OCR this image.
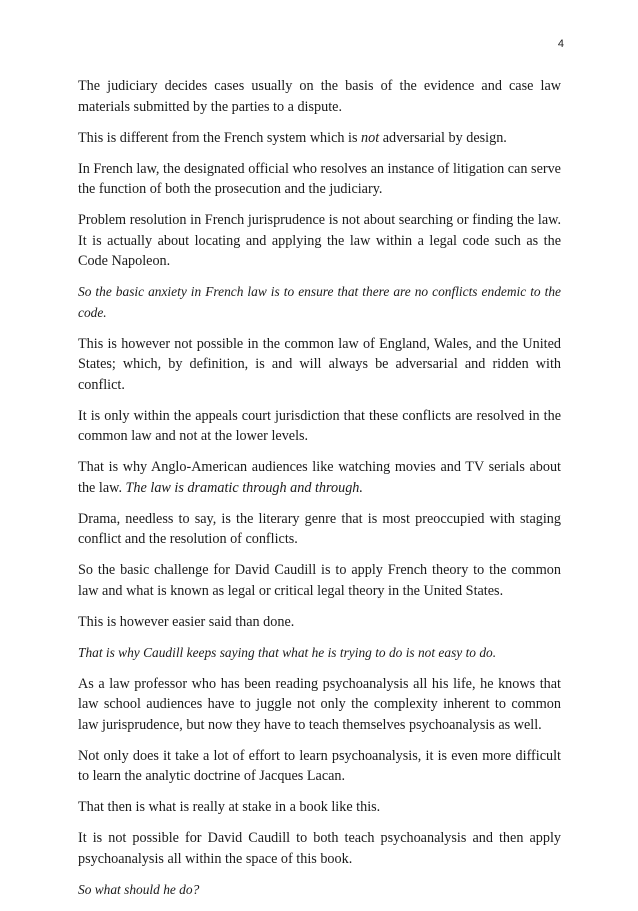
4

The judiciary decides cases usually on the basis of the evidence and case law materials submitted by the parties to a dispute.

This is different from the French system which is not adversarial by design.

In French law, the designated official who resolves an instance of litigation can serve the function of both the prosecution and the judiciary.

Problem resolution in French jurisprudence is not about searching or finding the law. It is actually about locating and applying the law within a legal code such as the Code Napoleon.

So the basic anxiety in French law is to ensure that there are no conflicts endemic to the code.

This is however not possible in the common law of England, Wales, and the United States; which, by definition, is and will always be adversarial and ridden with conflict.

It is only within the appeals court jurisdiction that these conflicts are resolved in the common law and not at the lower levels.

That is why Anglo-American audiences like watching movies and TV serials about the law. The law is dramatic through and through.

Drama, needless to say, is the literary genre that is most preoccupied with staging conflict and the resolution of conflicts.

So the basic challenge for David Caudill is to apply French theory to the common law and what is known as legal or critical legal theory in the United States.

This is however easier said than done.

That is why Caudill keeps saying that what he is trying to do is not easy to do.

As a law professor who has been reading psychoanalysis all his life, he knows that law school audiences have to juggle not only the complexity inherent to common law jurisprudence, but now they have to teach themselves psychoanalysis as well.

Not only does it take a lot of effort to learn psychoanalysis, it is even more difficult to learn the analytic doctrine of Jacques Lacan.

That then is what is really at stake in a book like this.

It is not possible for David Caudill to both teach psychoanalysis and then apply psychoanalysis all within the space of this book.

So what should he do?
